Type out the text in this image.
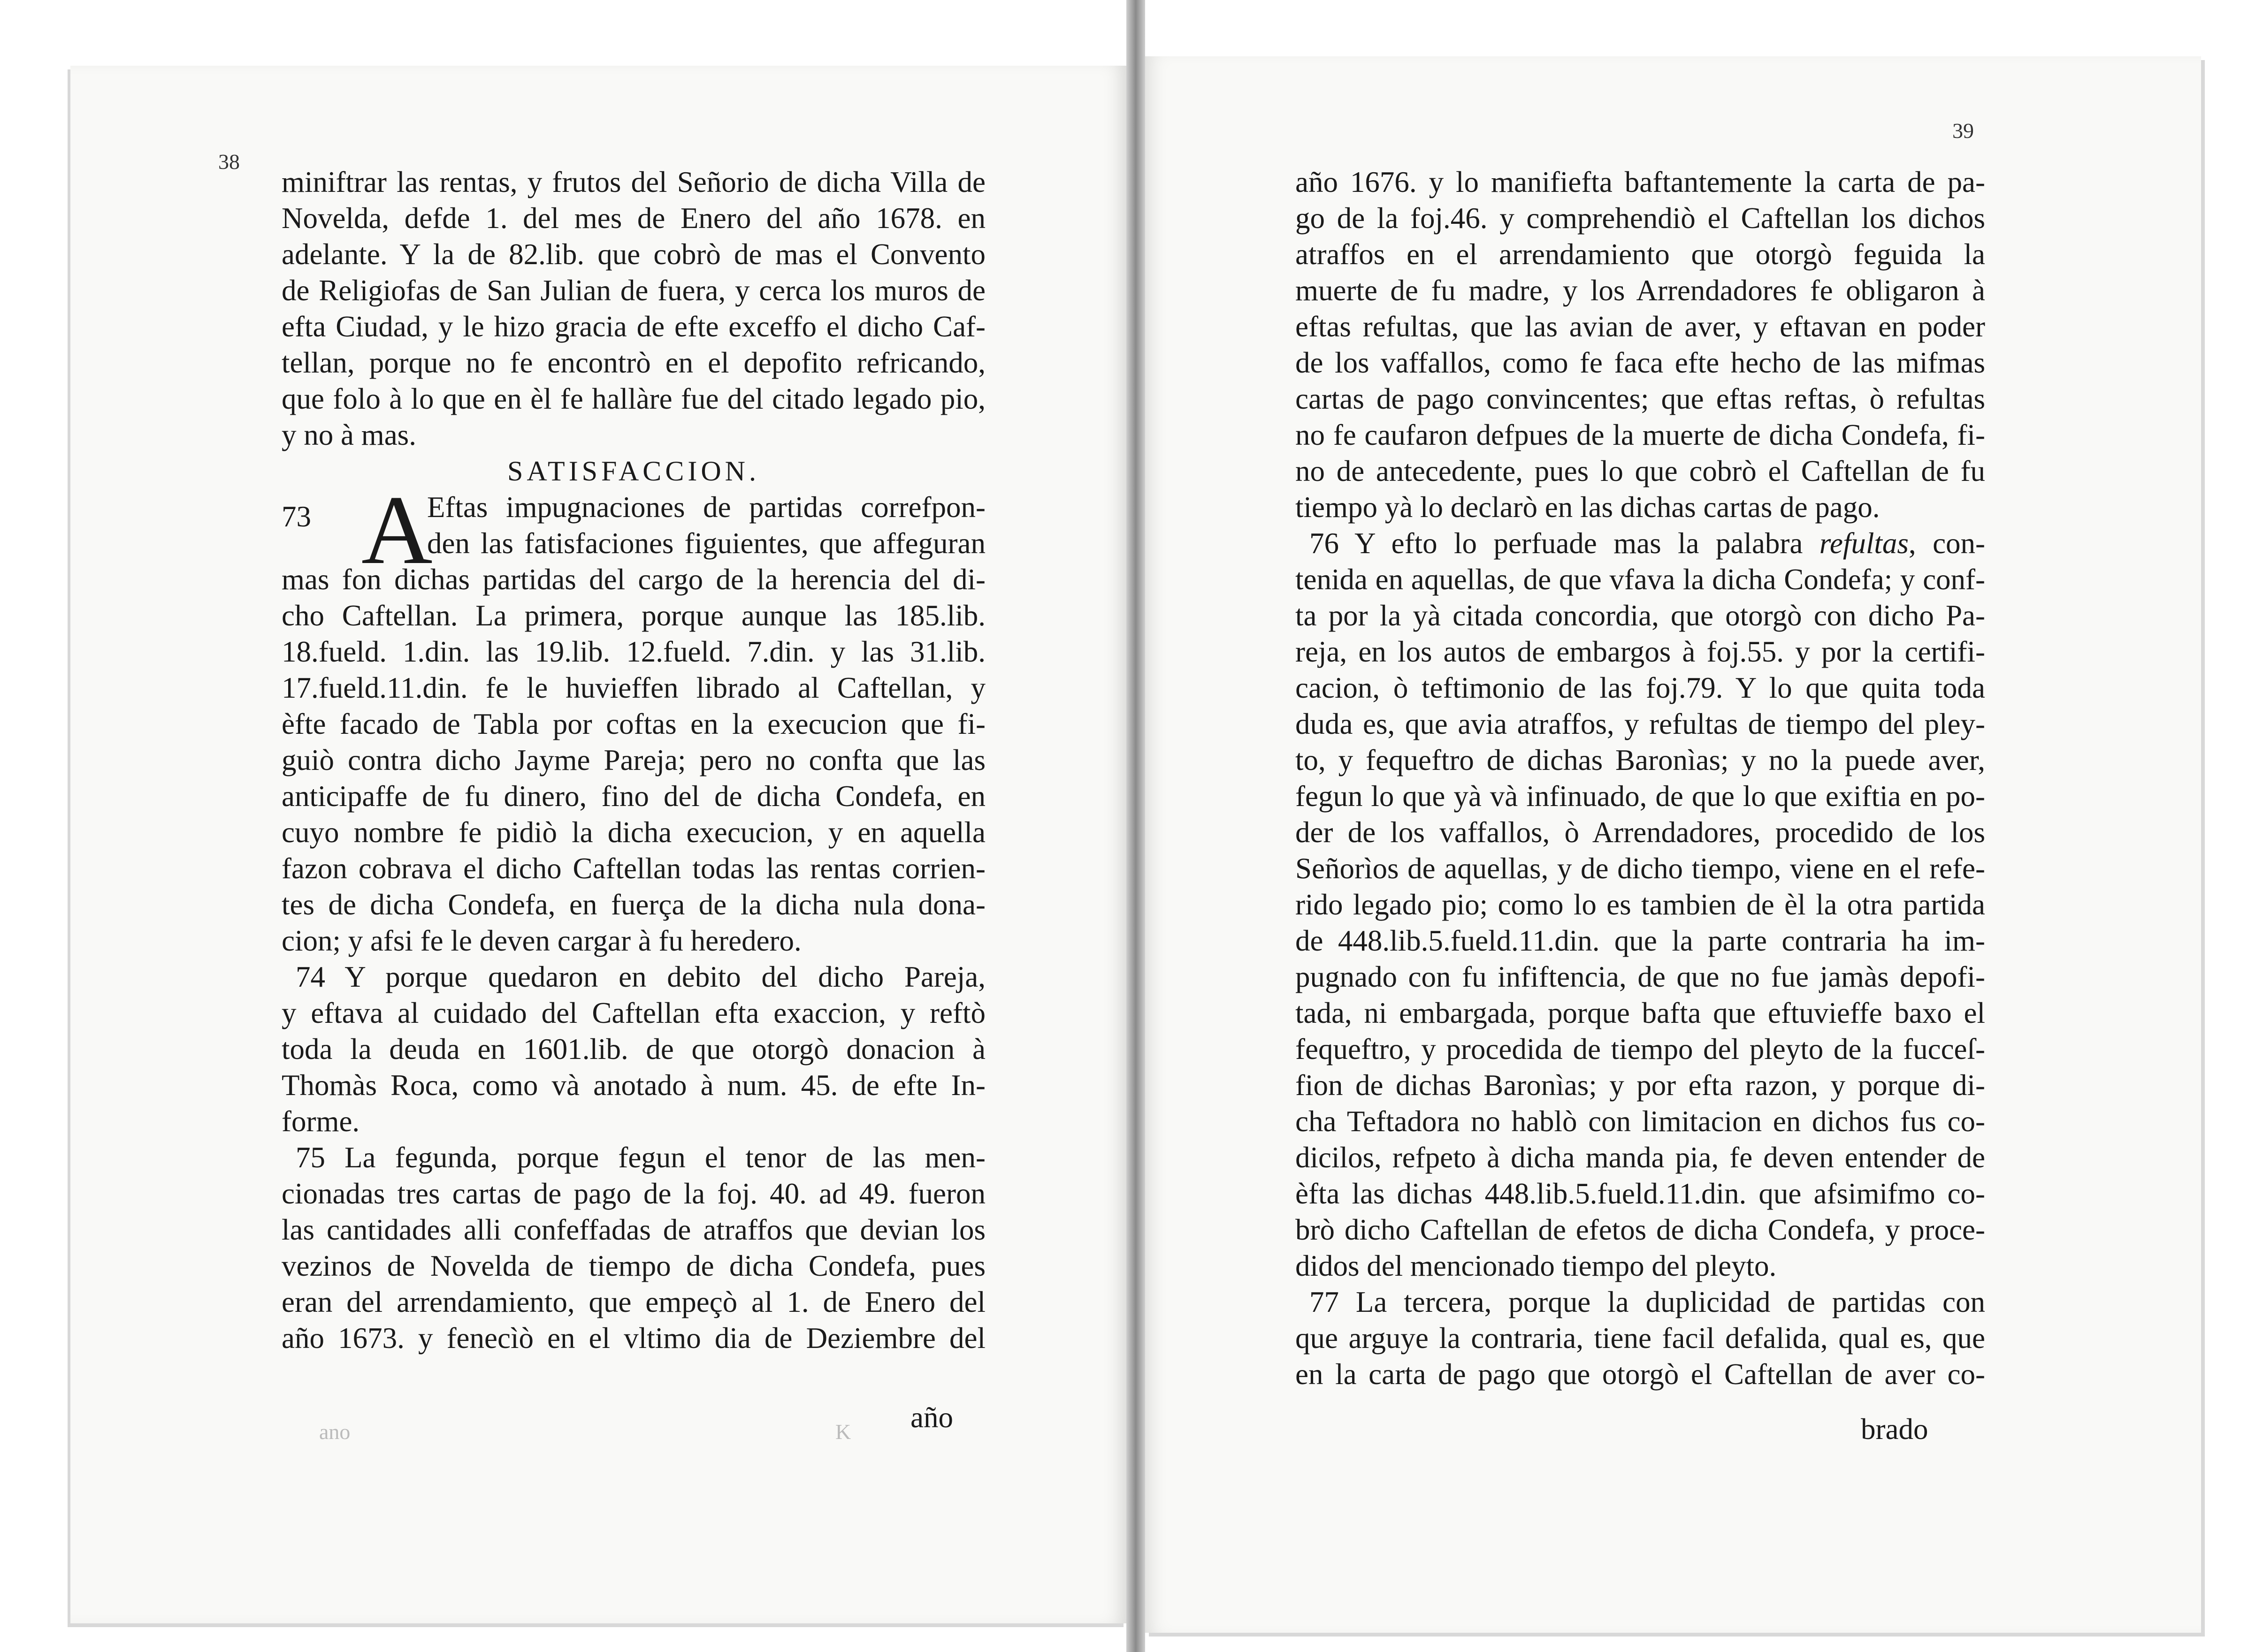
38
39
miniftrar las rentas, y frutos del Señorio de dicha Villa de
Novelda, defde 1. del mes de Enero del año 1678. en
adelante. Y la de 82.lib. que cobrò de mas el Convento
de Religiofas de San Julian de fuera, y cerca los muros de
efta Ciudad, y le hizo gracia de efte exceffo el dicho Caf-
tellan, porque no fe encontrò en el depofito refricando,
que folo à lo que en èl fe hallàre fue del citado legado pio,
y no à mas.
SATISFACCION.
73 A
Eftas impugnaciones de partidas correfpon-
den las fatisfaciones figuientes, que affeguran
mas fon dichas partidas del cargo de la herencia del di-
cho Caftellan. La primera, porque aunque las 185.lib.
18.fueld. 1.din. las 19.lib. 12.fueld. 7.din. y las 31.lib.
17.fueld.11.din. fe le huvieffen librado al Caftellan, y
èfte facado de Tabla por coftas en la execucion que fi-
guiò contra dicho Jayme Pareja; pero no confta que las
anticipaffe de fu dinero, fino del de dicha Condefa, en
cuyo nombre fe pidiò la dicha execucion, y en aquella
fazon cobrava el dicho Caftellan todas las rentas corrien-
tes de dicha Condefa, en fuerça de la dicha nula dona-
cion; y afsi fe le deven cargar à fu heredero.
74 Y porque quedaron en debito del dicho Pareja,
y eftava al cuidado del Caftellan efta exaccion, y reftò
toda la deuda en 1601.lib. de que otorgò donacion à
Thomàs Roca, como và anotado à num. 45. de efte In-
forme.
75 La fegunda, porque fegun el tenor de las men-
cionadas tres cartas de pago de la foj. 40. ad 49. fueron
las cantidades alli confeffadas de atraffos que devian los
vezinos de Novelda de tiempo de dicha Condefa, pues
eran del arrendamiento, que empeçò al 1. de Enero del
año 1673. y fenecìò en el vltimo dia de Deziembre del
año
ano	K
año 1676. y lo manifiefta baftantemente la carta de pa-
go de la foj.46. y comprehendiò el Caftellan los dichos
atraffos en el arrendamiento que otorgò feguida la
muerte de fu madre, y los Arrendadores fe obligaron à
eftas refultas, que las avian de aver, y eftavan en poder
de los vaffallos, como fe faca efte hecho de las mifmas
cartas de pago convincentes; que eftas reftas, ò refultas
no fe caufaron defpues de la muerte de dicha Condefa, fi-
no de antecedente, pues lo que cobrò el Caftellan de fu
tiempo yà lo declarò en las dichas cartas de pago.
76 Y efto lo perfuade mas la palabra refultas, con-
tenida en aquellas, de que vfava la dicha Condefa; y conf-
ta por la yà citada concordia, que otorgò con dicho Pa-
reja, en los autos de embargos à foj.55. y por la certifi-
cacion, ò teftimonio de las foj.79. Y lo que quita toda
duda es, que avia atraffos, y refultas de tiempo del pley-
to, y fequeftro de dichas Baronìas; y no la puede aver,
fegun lo que yà và infinuado, de que lo que exiftia en po-
der de los vaffallos, ò Arrendadores, procedido de los
Señorìos de aquellas, y de dicho tiempo, viene en el refe-
rido legado pio; como lo es tambien de èl la otra partida
de 448.lib.5.fueld.11.din. que la parte contraria ha im-
pugnado con fu infiftencia, de que no fue jamàs depofi-
tada, ni embargada, porque bafta que eftuvieffe baxo el
fequeftro, y procedida de tiempo del pleyto de la fucceſ-
fion de dichas Baronìas; y por efta razon, y porque di-
cha Teftadora no hablò con limitacion en dichos fus co-
dicilos, refpeto à dicha manda pia, fe deven entender de
èfta las dichas 448.lib.5.fueld.11.din. que afsimifmo co-
brò dicho Caftellan de efetos de dicha Condefa, y proce-
didos del mencionado tiempo del pleyto.
77 La tercera, porque la duplicidad de partidas con
que arguye la contraria, tiene facil defalida, qual es, que
en la carta de pago que otorgò el Caftellan de aver co-
brado
